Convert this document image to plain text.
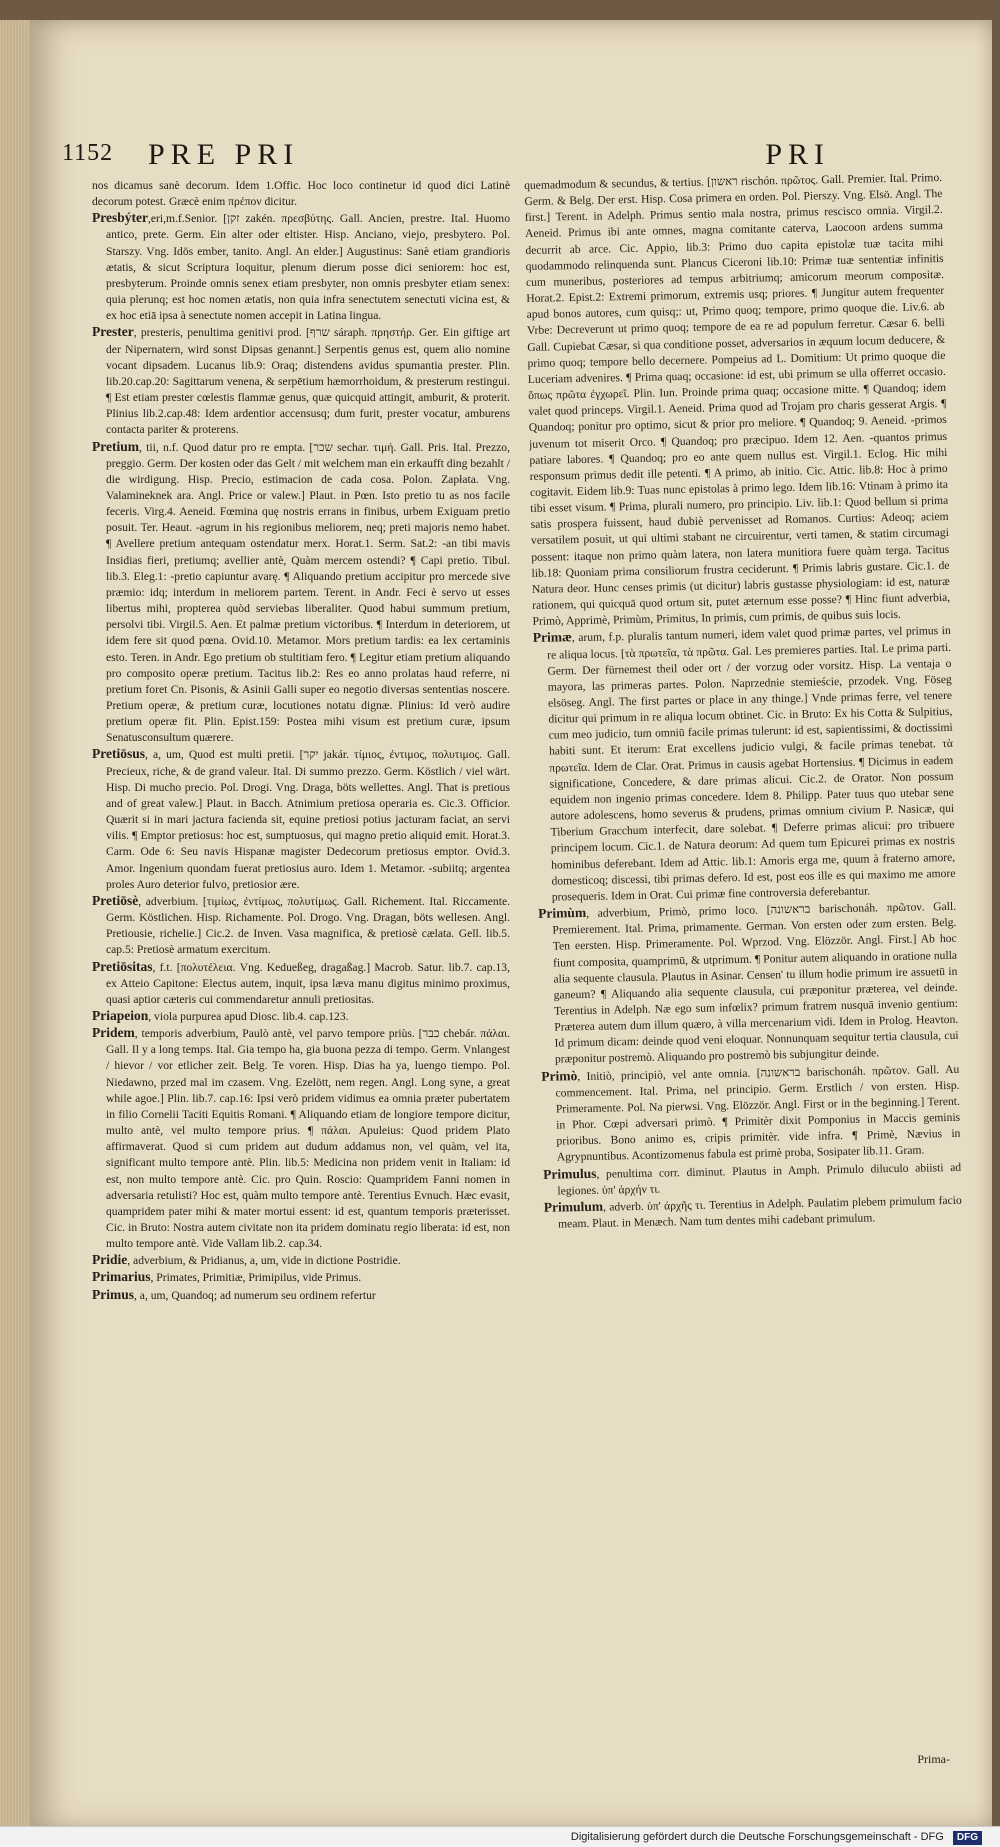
1152 PRE PRI	PRI

nos dicamus sanè decorum. Idem 1.Offic. Hoc loco continetur id quod dici Latinè decorum potest. Græcè enim πρέπον dicitur.

Presbýter,eri,m.f.Senior. [זקן zakén. πρεσβύτης. Gall. Ancien, prestre. Ital. Huomo antico, prete. Germ. Ein alter oder eltister. Hisp. Anciano, viejo, presbytero. Pol. Starszy. Vng. Idös ember, tanito. Angl. An elder.] Augustinus: Sanè etiam grandioris ætatis, & sicut Scriptura loquitur, plenum dierum posse dici seniorem: hoc est, presbyterum. Proinde omnis senex etiam presbyter, non omnis presbyter etiam senex: quia plerunq; est hoc nomen ætatis, non quia infra senectutem senectuti vicina est, & ex hoc etiā ipsa à senectute nomen accepit in Latina lingua.

Prester, presteris, penultima genitivi prod. [שרף sáraph. πρηστήρ. Ger. Ein giftige art der Nipernatern, wird sonst Dipsas genannt.] Serpentis genus est, quem alio nomine vocant dipsadem. Lucanus lib.9: Oraq; distendens avidus spumantia prester. Plin. lib.20.cap.20: Sagittarum venena, & serpētium hæmorrhoidum, & presterum restingui. ¶ Est etiam prester cœlestis flammæ genus, quæ quicquid attingit, amburit, & proterit. Plinius lib.2.cap.48: Idem ardentior accensusq; dum furit, prester vocatur, amburens contacta pariter & proterens.

Pretium, tii, n.f. Quod datur pro re empta. [שכר sechar. τιμή. Gall. Pris. Ital. Prezzo, preggio. Germ. Der kosten oder das Gelt / mit welchem man ein erkaufft ding bezahlt / die wirdigung. Hisp. Precio, estimacion de cada cosa. Polon. Zapłata. Vng. Valamineknek ara. Angl. Price or valew.] Plaut. in Pœn. Isto pretio tu as nos facile feceris. Virg.4. Aeneid. Fœmina quę nostris errans in finibus, urbem Exiguam pretio posuit. Ter. Heaut. -agrum in his regionibus meliorem, neq; preti majoris nemo habet. ¶ Avellere pretium antequam ostendatur merx. Horat.1. Serm. Sat.2: -an tibi mavis Insidias fieri, pretiumq; avellier antè, Quàm mercem ostendi? ¶ Capi pretio. Tibul. lib.3. Eleg.1: -pretio capiuntur avarę. ¶ Aliquando pretium accipitur pro mercede sive præmio: idq; interdum in meliorem partem. Terent. in Andr. Feci è servo ut esses libertus mihi, propterea quòd serviebas liberaliter. Quod habui summum pretium, persolvi tibi. Virgil.5. Aen. Et palmæ pretium victoribus. ¶ Interdum in deteriorem, ut idem fere sit quod pœna. Ovid.10. Metamor. Mors pretium tardis: ea lex certaminis esto. Teren. in Andr. Ego pretium ob stultitiam fero. ¶ Legitur etiam pretium aliquando pro composito operæ pretium. Tacitus lib.2: Res eo anno prolatas haud referre, ni pretium foret Cn. Pisonis, & Asinii Galli super eo negotio diversas sententias noscere. Pretium operæ, & pretium curæ, locutiones notatu dignæ. Plinius: Id verò audire pretium operæ fit. Plin. Epist.159: Postea mihi visum est pretium curæ, ipsum Senatusconsultum quærere.

Pretiōsus, a, um, Quod est multi pretii. [יקר jakár. τίμιος, ἐντιμος, πολυτιμος. Gall. Precieux, riche, & de grand valeur. Ital. Di summo prezzo. Germ. Köstlich / viel wärt. Hisp. Di mucho precio. Pol. Drogi. Vng. Draga, böts wellettes. Angl. That is pretious and of great valew.] Plaut. in Bacch. Atnimium pretiosa operaria es. Cic.3. Officior. Quærit si in mari jactura facienda sit, equine pretiosi potius jacturam faciat, an servi vilis. ¶ Emptor pretiosus: hoc est, sumptuosus, qui magno pretio aliquid emit. Horat.3. Carm. Ode 6: Seu navis Hispanæ magister Dedecorum pretiosus emptor. Ovid.3. Amor. Ingenium quondam fuerat pretiosius auro. Idem 1. Metamor. -subiitq; argentea proles Auro deterior fulvo, pretiosior ære.

Pretiōsè, adverbium. [τιμίως, ἐντίμως, πολυτίμως. Gall. Richement. Ital. Riccamente. Germ. Köstlichen. Hisp. Richamente. Pol. Drogo. Vng. Dragan, böts wellesen. Angl. Pretiousie, richelie.] Cic.2. de Inven. Vasa magnifica, & pretiosè cælata. Gell. lib.5. cap.5: Pretiosè armatum exercitum.

Pretiōsitas, f.t. [πολυτέλεια. Vng. Kedueßeg, dragaßag.] Macrob. Satur. lib.7. cap.13, ex Atteio Capitone: Electus autem, inquit, ipsa læva manu digitus minimo proximus, quasi aptior cæteris cui commendaretur annuli pretiositas.

Priapeion, viola purpurea apud Diosc. lib.4. cap.123.

Pridem, temporis adverbium, Paulò antè, vel parvo tempore priùs. [כבר chebár. πάλαι. Gall. Il y a long temps. Ital. Gia tempo ha, gia buona pezza di tempo. Germ. Vnlangest / hievor / vor etlicher zeit. Belg. Te voren. Hisp. Dias ha ya, luengo tiempo. Pol. Niedawno, przed mal im czasem. Vng. Ezelött, nem regen. Angl. Long syne, a great while agoe.] Plin. lib.7. cap.16: Ipsi verò pridem vidimus ea omnia præter pubertatem in filio Cornelii Taciti Equitis Romani. ¶ Aliquando etiam de longiore tempore dicitur, multo antè, vel multo tempore prius. ¶ πάλαι. Apuleius: Quod pridem Plato affirmaverat. Quod si cum pridem aut dudum addamus non, vel quàm, vel ita, significant multo tempore antè. Plin. lib.5: Medicina non pridem venit in Italiam: id est, non multo tempore antè. Cic. pro Quin. Roscio: Quampridem Fanni nomen in adversaria retulisti? Hoc est, quàm multo tempore antè. Terentius Evnuch. Hæc evasit, quampridem pater mihi & mater mortui essent: id est, quantum temporis præterisset. Cic. in Bruto: Nostra autem civitate non ita pridem dominatu regio liberata: id est, non multo tempore antè. Vide Vallam lib.2. cap.34.

Pridie, adverbium, & Pridianus, a, um, vide in dictione Postridie.

Primarius, Primates, Primitiæ, Primipilus, vide Primus.

Primus, a, um, Quandoq; ad numerum seu ordinem refertur

quemadmodum & secundus, & tertius. [ראשון rischón. πρῶτος. Gall. Premier. Ital. Primo. Germ. & Belg. Der erst. Hisp. Cosa primera en orden. Pol. Pierszy. Vng. Elsö. Angl. The first.] Terent. in Adelph. Primus sentio mala nostra, primus rescisco omnia. Virgil.2. Aeneid. Primus ibi ante omnes, magna comitante caterva, Laocoon ardens summa decurrit ab arce. Cic. Appio, lib.3: Primo duo capita epistolæ tuæ tacita mihi quodammodo relinquenda sunt. Plancus Ciceroni lib.10: Primæ tuæ sententiæ infinitis cum muneribus, posteriores ad tempus arbitriumq; amicorum meorum compositæ. Horat.2. Epist.2: Extremi primorum, extremis usq; priores. ¶ Jungitur autem frequenter apud bonos autores, cum quisq;: ut, Primo quoq; tempore, primo quoque die. Liv.6. ab Vrbe: Decreverunt ut primo quoq; tempore de ea re ad populum ferretur. Cæsar 6. belli Gall. Cupiebat Cæsar, si qua conditione posset, adversarios in æquum locum deducere, & primo quoq; tempore bello decernere. Pompeius ad L. Domitium: Ut primo quoque die Luceriam advenires. ¶ Prima quaq; occasione: id est, ubi primum se ulla offerret occasio. ὅπως πρῶτα ἐγχωρεῖ. Plin. Iun. Proinde prima quaq; occasione mitte. ¶ Quandoq; idem valet quod princeps. Virgil.1. Aeneid. Prima quod ad Trojam pro charis gesserat Argis. ¶ Quandoq; ponitur pro optimo, sicut & prior pro meliore. ¶ Quandoq; 9. Aeneid. -primos juvenum tot miserit Orco. ¶ Quandoq; pro præcipuo. Idem 12. Aen. -quantos primus patiare labores. ¶ Quandoq; pro eo ante quem nullus est. Virgil.1. Eclog. Hic mihi responsum primus dedit ille petenti. ¶ A primo, ab initio. Cic. Attic. lib.8: Hoc à primo cogitavit. Eidem lib.9: Tuas nunc epistolas à primo lego. Idem lib.16: Vtinam à primo ita tibi esset visum. ¶ Prima, plurali numero, pro principio. Liv. lib.1: Quod bellum si prima satis prospera fuissent, haud dubiè pervenisset ad Romanos. Curtius: Adeoq; aciem versatilem posuit, ut qui ultimi stabant ne circuirentur, verti tamen, & statim circumagi possent: itaque non primo quàm latera, non latera munitiora fuere quàm terga. Tacitus lib.18: Quoniam prima consiliorum frustra ceciderunt. ¶ Primis labris gustare. Cic.1. de Natura deor. Hunc censes primis (ut dicitur) labris gustasse physiologiam: id est, naturæ rationem, qui quicquā quod ortum sit, putet æternum esse posse? ¶ Hinc fiunt adverbia, Primò, Apprimè, Primùm, Primitus, In primis, cum primis, de quibus suis locis.

Primæ, arum, f.p. pluralis tantum numeri, idem valet quod primæ partes, vel primus in re aliqua locus. [τὰ πρωτεῖα, τὰ πρῶτα. Gal. Les premieres parties. Ital. Le prima parti. Germ. Der fürnemest theil oder ort / der vorzug oder vorsitz. Hisp. La ventaja o mayora, las primeras partes. Polon. Naprzednie stemieście, przodek. Vng. Föseg elsöseg. Angl. The first partes or place in any thinge.] Vnde primas ferre, vel tenere dicitur qui primum in re aliqua locum obtinet. Cic. in Bruto: Ex his Cotta & Sulpitius, cum meo judicio, tum omniū facile primas tulerunt: id est, sapientissimi, & doctissimi habiti sunt. Et iterum: Erat excellens judicio vulgi, & facile primas tenebat. τὰ πρωτεῖα. Idem de Clar. Orat. Primus in causis agebat Hortensius. ¶ Dicimus in eadem significatione, Concedere, & dare primas alicui. Cic.2. de Orator. Non possum equidem non ingenio primas concedere. Idem 8. Philipp. Pater tuus quo utebar sene autore adolescens, homo severus & prudens, primas omnium civium P. Nasicæ, qui Tiberium Gracchum interfecit, dare solebat. ¶ Deferre primas alicui: pro tribuere principem locum. Cic.1. de Natura deorum: Ad quem tum Epicurei primas ex nostris hominibus deferebant. Idem ad Attic. lib.1: Amoris erga me, quum à fraterno amore, domesticoq; discessi, tibi primas defero. Id est, post eos ille es qui maximo me amore prosequeris. Idem in Orat. Cui primæ fine controversia deferebantur.

Primùm, adverbium, Primò, primo loco. [בראשונה barischonáh. πρῶτον. Gall. Premierement. Ital. Prima, primamente. German. Von ersten oder zum ersten. Belg. Ten eersten. Hisp. Primeramente. Pol. Wprzod. Vng. Elözzör. Angl. First.] Ab hoc fiunt composita, quamprimū, & utprimum. ¶ Ponitur autem aliquando in oratione nulla alia sequente clausula. Plautus in Asinar. Censen' tu illum hodie primum ire assuetū in ganeum? ¶ Aliquando alia sequente clausula, cui præponitur præterea, vel deinde. Terentius in Adelph. Næ ego sum infœlix? primum fratrem nusquā invenio gentium: Præterea autem dum illum quæro, à villa mercenarium vidi. Idem in Prolog. Heavton. Id primum dicam: deinde quod veni eloquar. Nonnunquam sequitur tertia clausula, cui præponitur postremò. Aliquando pro postremò bis subjungitur deinde.

Primò, Initiò, principiò, vel ante omnia. [בראשונה barischonáh. πρῶτον. Gall. Au commencement. Ital. Prima, nel principio. Germ. Erstlich / von ersten. Hisp. Primeramente. Pol. Na pierwsi. Vng. Elözzör. Angl. First or in the beginning.] Terent. in Phor. Cœpi adversari primò. ¶ Primitèr dixit Pomponius in Maccis geminis prioribus. Bono animo es, cripis primitèr. vide infra. ¶ Primè, Nævius in Agrypnuntibus. Acontizomenus fabula est primè proba, Sosipater lib.11. Gram.

Primulus, penultima corr. diminut. Plautus in Amph. Primulo diluculo abiisti ad legiones. ὑπ' ἀρχήν τι.

Primulum, adverb. ὑπ' ἀρχῆς τι. Terentius in Adelph. Paulatim plebem primulum facio meam. Plaut. in Menæch. Nam tum dentes mihi cadebant primulum.

Prima-
Digitalisierung gefördert durch die Deutsche Forschungsgemeinschaft - DFG DFG
